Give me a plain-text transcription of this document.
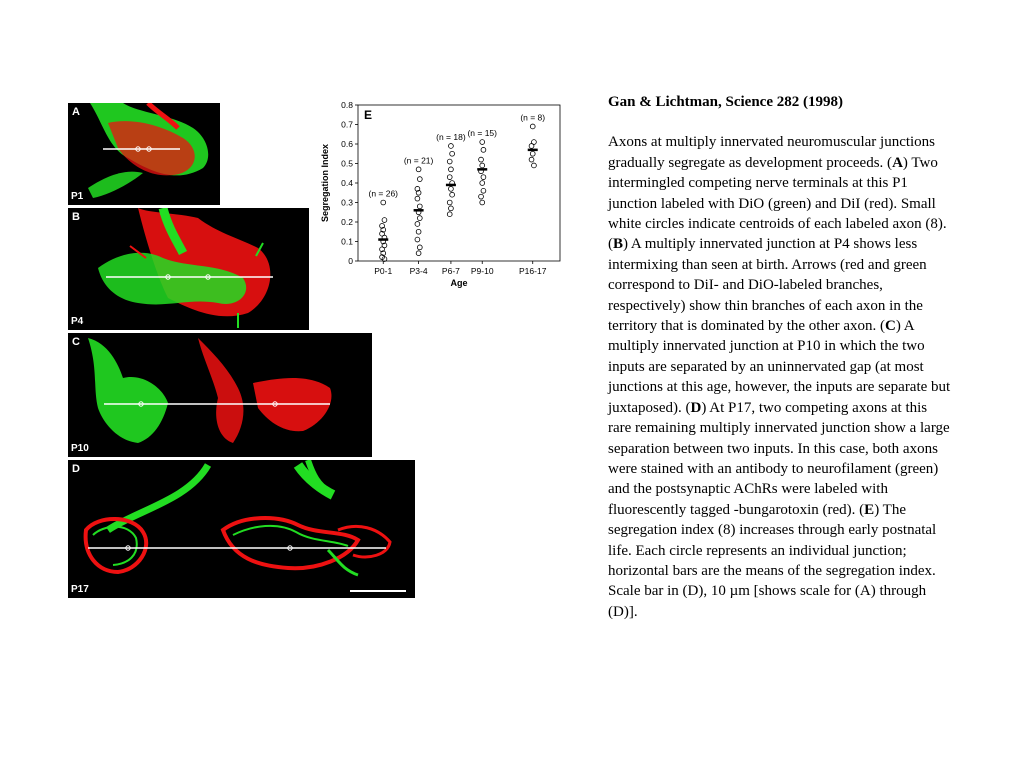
A
P1
B
P4
C
P10
D
P17
0
0.1
0.2
0.3
0.4
0.5
0.6
0.7
0.8
P0-1 P3-4 P6-7 P9-10	P16-17
(n = 26)
(n = 21)
(n = 18) (n = 15)
(n = 8)
Age
Segregation Index
E
Gan & Lichtman, Science 282 (1998)
Axons at multiply innervated neuromuscular junctions gradually segregate as development proceeds. (A) Two intermingled competing nerve terminals at this P1 junction labeled with DiO (green) and DiI (red). Small white circles indicate centroids of each labeled axon (8). (B) A multiply innervated junction at P4 shows less intermixing than seen at birth. Arrows (red and green correspond to DiI- and DiO-labeled branches, respectively) show thin branches of each axon in the territory that is dominated by the other axon. (C) A multiply innervated junction at P10 in which the two inputs are separated by an uninnervated gap (at most junctions at this age, however, the inputs are separate but juxtaposed). (D) At P17, two competing axons at this rare remaining multiply innervated junction show a large separation between two inputs. In this case, both axons were stained with an antibody to neurofilament (green) and the postsynaptic AChRs were labeled with fluorescently tagged -bungarotoxin (red). (E) The segregation index (8) increases through early postnatal life. Each circle represents an individual junction; horizontal bars are the means of the segregation index. Scale bar in (D), 10 µm [shows scale for (A) through (D)].
